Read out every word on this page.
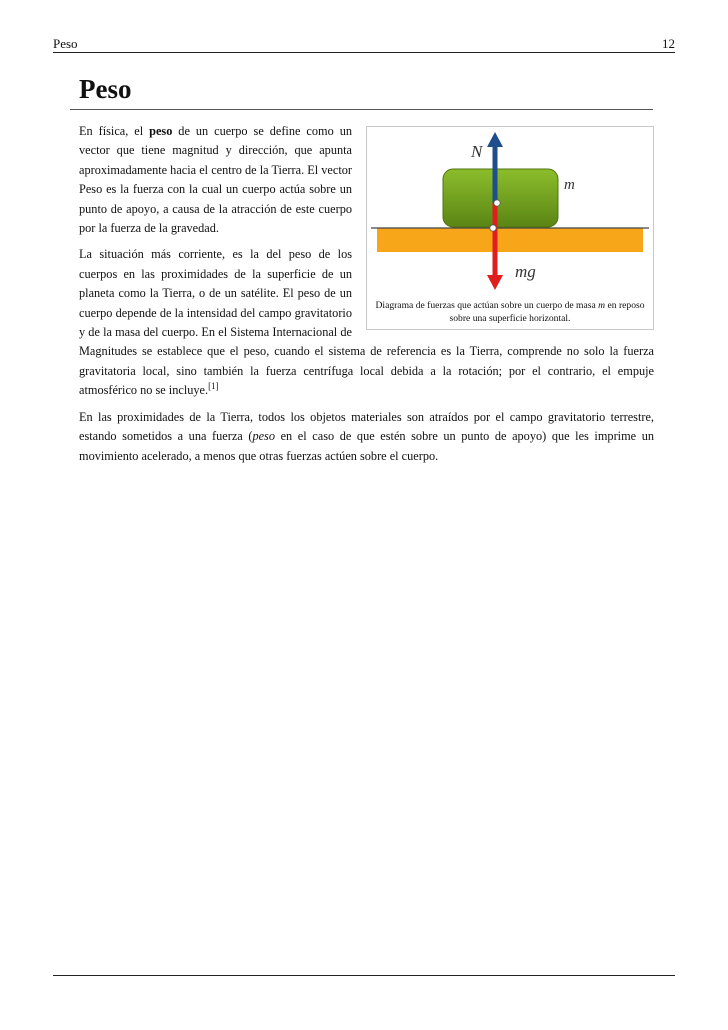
Peso	12
Peso
N
m
mg
Diagrama de fuerzas que actúan sobre un cuerpo de masa m en reposo sobre una superficie horizontal.

En física, el peso de un cuerpo se define como un vector que tiene magnitud y dirección, que apunta aproximadamente hacia el centro de la Tierra. El vector Peso es la fuerza con la cual un cuerpo actúa sobre un punto de apoyo, a causa de la atracción de este cuerpo por la fuerza de la gravedad.

La situación más corriente, es la del peso de los cuerpos en las proximidades de la superficie de un planeta como la Tierra, o de un satélite. El peso de un cuerpo depende de la intensidad del campo gravitatorio y de la masa del cuerpo. En el Sistema Internacional de Magnitudes se establece que el peso, cuando el sistema de referencia es la Tierra, comprende no solo la fuerza gravitatoria local, sino también la fuerza centrífuga local debida a la rotación; por el contrario, el empuje atmosférico no se incluye.[1]

En las proximidades de la Tierra, todos los objetos materiales son atraídos por el campo gravitatorio terrestre, estando sometidos a una fuerza (peso en el caso de que estén sobre un punto de apoyo) que les imprime un movimiento acelerado, a menos que otras fuerzas actúen sobre el cuerpo.
